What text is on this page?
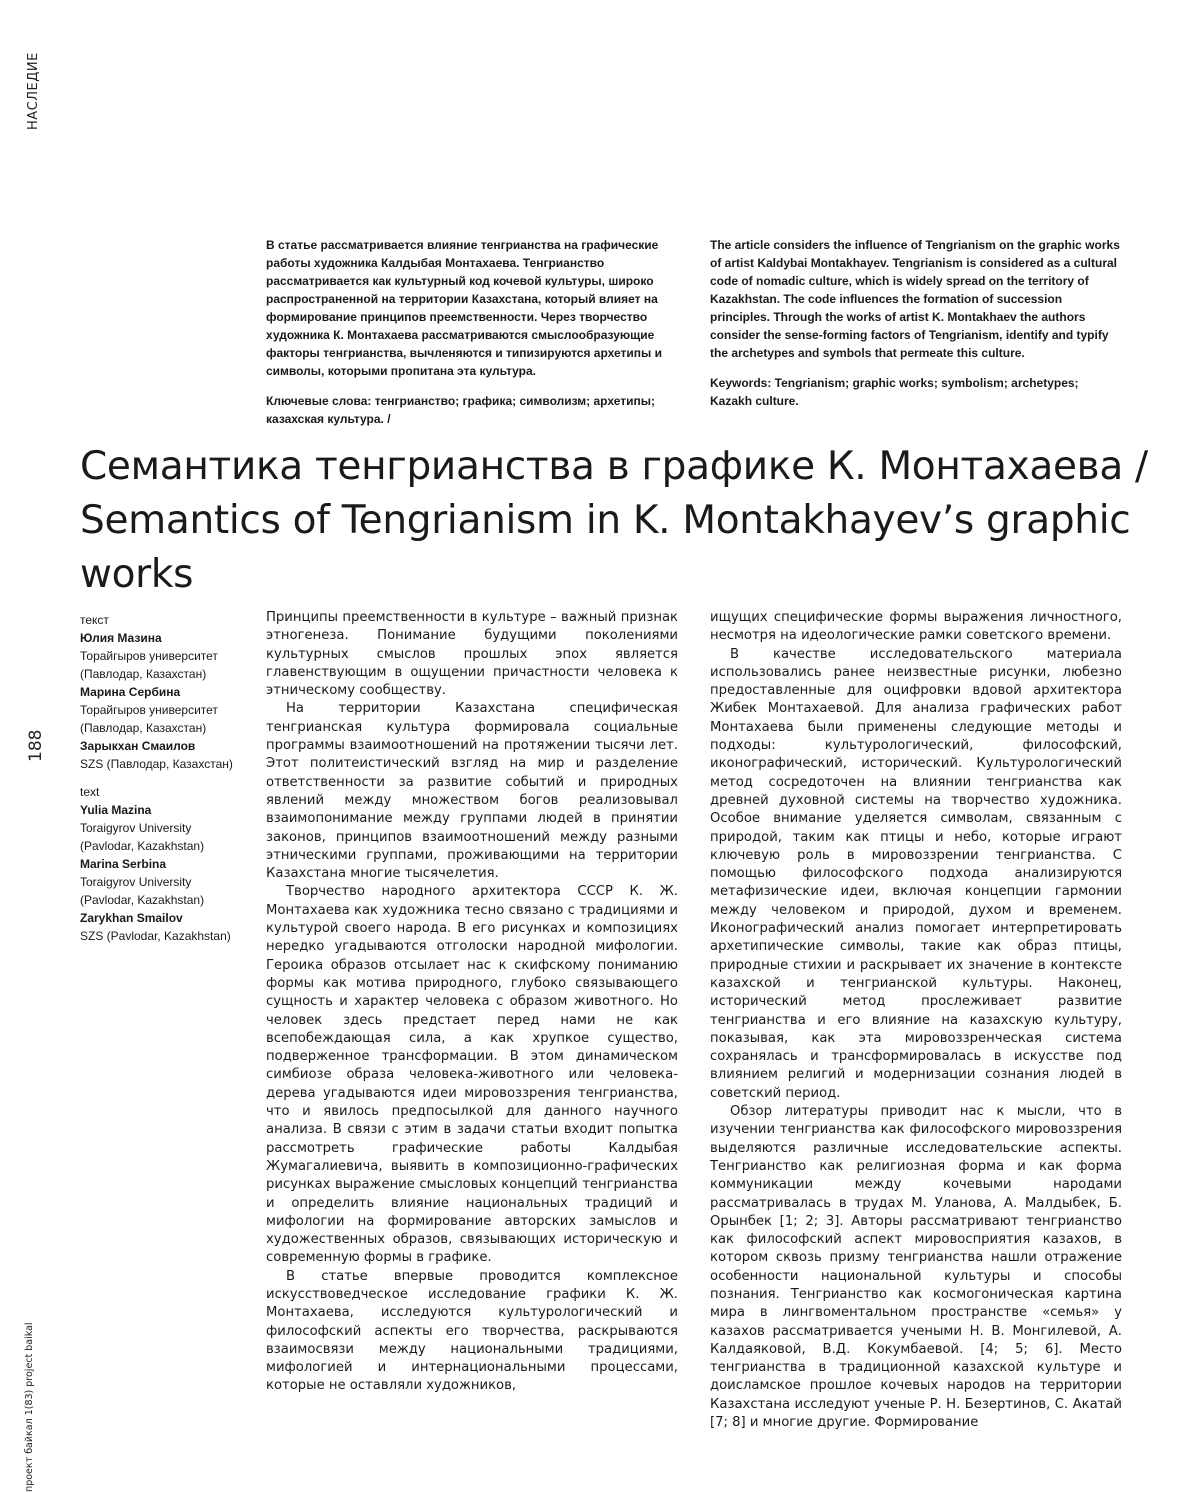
НАСЛЕДИЕ
188
проект байкал 1(83) project baikal

В статье рассматривается влияние тенгрианства на графические работы художника Калдыбая Монтахаева. Тенгрианство рассматривается как культурный код кочевой культуры, широко распространенной на территории Казахстана, который влияет на формирование принципов преемственности. Через творчество художника К. Монтахаева рассматриваются смыслообразующие факторы тенгрианства, вычленяются и типизируются архетипы и символы, которыми пропитана эта культура.

Ключевые слова: тенгрианство; графика; символизм; архетипы; казахская культура. /

The article considers the influence of Tengrianism on the graphic works of artist Kaldybai Montakhayev. Tengrianism is considered as a cultural code of nomadic culture, which is widely spread on the territory of Kazakhstan. The code influences the formation of succession principles. Through the works of artist K. Montakhaev the authors consider the sense-forming factors of Tengrianism, identify and typify the archetypes and symbols that permeate this culture.

Keywords: Tengrianism; graphic works; symbolism; archetypes; Kazakh culture.

Семантика тенгрианства в графике К. Монтахаева /
Semantics of Tengrianism in K. Montakhayev’s graphic works
текст
Юлия Мазина
Торайгыров университет
(Павлодар, Казахстан)
Марина Сербина
Торайгыров университет
(Павлодар, Казахстан)
Зарыкхан Смаилов
SZS (Павлодар, Казахстан)
text
Yulia Mazina
Toraigyrov University
(Pavlodar, Kazakhstan)
Marina Serbina
Toraigyrov University
(Pavlodar, Kazakhstan)
Zarykhan Smailov
SZS (Pavlodar, Kazakhstan)

Принципы преемственности в культуре – важный признак этногенеза. Понимание будущими поколениями культурных смыслов прошлых эпох является главенствующим в ощущении причастности человека к этническому сообществу.

На территории Казахстана специфическая тенгрианская культура формировала социальные программы взаимоотношений на протяжении тысячи лет. Этот политеистический взгляд на мир и разделение ответственности за развитие событий и природных явлений между множеством богов реализовывал взаимопонимание между группами людей в принятии законов, принципов взаимоотношений между разными этническими группами, проживающими на территории Казахстана многие тысячелетия.

Творчество народного архитектора СССР К. Ж. Монтахаева как художника тесно связано с традициями и культурой своего народа. В его рисунках и композициях нередко угадываются отголоски народной мифологии. Героика образов отсылает нас к скифскому пониманию формы как мотива природного, глубоко связывающего сущность и характер человека с образом животного. Но человек здесь предстает перед нами не как всепобеждающая сила, а как хрупкое существо, подверженное трансформации. В этом динамическом симбиозе образа человека-животного или человека-дерева угадываются идеи мировоззрения тенгрианства, что и явилось предпосылкой для данного научного анализа. В связи с этим в задачи статьи входит попытка рассмотреть графические работы Калдыбая Жумагалиевича, выявить в композиционно-графических рисунках выражение смысловых концепций тенгрианства и определить влияние национальных традиций и мифологии на формирование авторских замыслов и художественных образов, связывающих историческую и современную формы в графике.

В статье впервые проводится комплексное искусствоведческое исследование графики К. Ж. Монтахаева, исследуются культурологический и философский аспекты его творчества, раскрываются взаимосвязи между национальными традициями, мифологией и интернациональными процессами, которые не оставляли художников,

ищущих специфические формы выражения личностного, несмотря на идеологические рамки советского времени.

В качестве исследовательского материала использовались ранее неизвестные рисунки, любезно предоставленные для оцифровки вдовой архитектора Жибек Монтахаевой. Для анализа графических работ Монтахаева были применены следующие методы и подходы: культурологический, философский, иконографический, исторический. Культурологический метод сосредоточен на влиянии тенгрианства как древней духовной системы на творчество художника. Особое внимание уделяется символам, связанным с природой, таким как птицы и небо, которые играют ключевую роль в мировоззрении тенгрианства. С помощью философского подхода анализируются метафизические идеи, включая концепции гармонии между человеком и природой, духом и временем. Иконографический анализ помогает интерпретировать архетипические символы, такие как образ птицы, природные стихии и раскрывает их значение в контексте казахской и тенгрианской культуры. Наконец, исторический метод прослеживает развитие тенгрианства и его влияние на казахскую культуру, показывая, как эта мировоззренческая система сохранялась и трансформировалась в искусстве под влиянием религий и модернизации сознания людей в советский период.

Обзор литературы приводит нас к мысли, что в изучении тенгрианства как философского мировоззрения выделяются различные исследовательские аспекты. Тенгрианство как религиозная форма и как форма коммуникации между кочевыми народами рассматривалась в трудах М. Уланова, А. Малдыбек, Б. Орынбек [1; 2; 3]. Авторы рассматривают тенгрианство как философский аспект мировосприятия казахов, в котором сквозь призму тенгрианства нашли отражение особенности национальной культуры и способы познания. Тенгрианство как космогоническая картина мира в лингвоментальном пространстве «семья» у казахов рассматривается учеными Н. В. Монгилевой, А. Калдаяковой, В.Д. Кокумбаевой. [4; 5; 6]. Место тенгрианства в традиционной казахской культуре и доисламское прошлое кочевых народов на территории Казахстана исследуют ученые Р. Н. Безертинов, С. Акатай [7; 8] и многие другие. Формирование
